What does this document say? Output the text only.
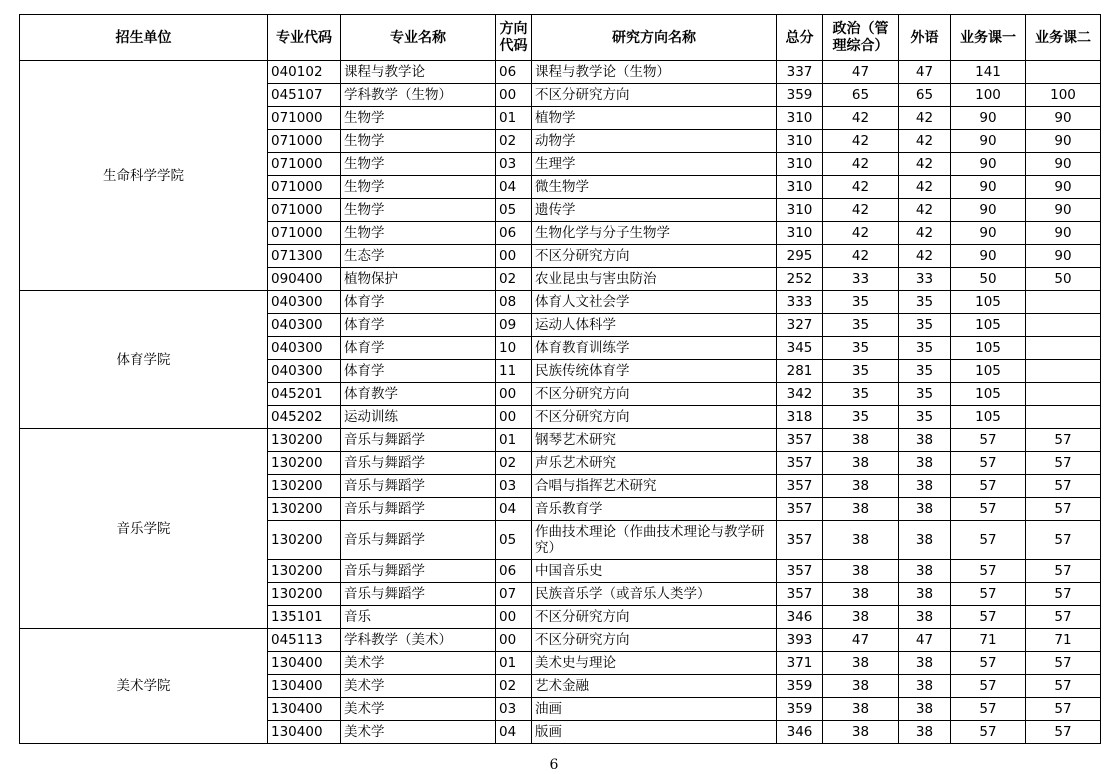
招生单位	专业代码	专业名称	方向代码	研究方向名称	总分	政治（管理综合）	外语	业务课一	业务课二
生命科学学院	040102	课程与教学论	06	课程与教学论（生物）	337	47	47	141	
	045107	学科教学（生物）	00	不区分研究方向	359	65	65	100	100
	071000	生物学	01	植物学	310	42	42	90	90
	071000	生物学	02	动物学	310	42	42	90	90
	071000	生物学	03	生理学	310	42	42	90	90
	071000	生物学	04	微生物学	310	42	42	90	90
	071000	生物学	05	遗传学	310	42	42	90	90
	071000	生物学	06	生物化学与分子生物学	310	42	42	90	90
	071300	生态学	00	不区分研究方向	295	42	42	90	90
	090400	植物保护	02	农业昆虫与害虫防治	252	33	33	50	50
体育学院	040300	体育学	08	体育人文社会学	333	35	35	105	
	040300	体育学	09	运动人体科学	327	35	35	105	
	040300	体育学	10	体育教育训练学	345	35	35	105	
	040300	体育学	11	民族传统体育学	281	35	35	105	
	045201	体育教学	00	不区分研究方向	342	35	35	105	
	045202	运动训练	00	不区分研究方向	318	35	35	105	
音乐学院	130200	音乐与舞蹈学	01	钢琴艺术研究	357	38	38	57	57
	130200	音乐与舞蹈学	02	声乐艺术研究	357	38	38	57	57
	130200	音乐与舞蹈学	03	合唱与指挥艺术研究	357	38	38	57	57
	130200	音乐与舞蹈学	04	音乐教育学	357	38	38	57	57
	130200	音乐与舞蹈学	05	作曲技术理论（作曲技术理论与教学研究）	357	38	38	57	57
	130200	音乐与舞蹈学	06	中国音乐史	357	38	38	57	57
	130200	音乐与舞蹈学	07	民族音乐学（或音乐人类学）	357	38	38	57	57
	135101	音乐	00	不区分研究方向	346	38	38	57	57
美术学院	045113	学科教学（美术）	00	不区分研究方向	393	47	47	71	71
	130400	美术学	01	美术史与理论	371	38	38	57	57
	130400	美术学	02	艺术金融	359	38	38	57	57
	130400	美术学	03	油画	359	38	38	57	57
	130400	美术学	04	版画	346	38	38	57	57
6
